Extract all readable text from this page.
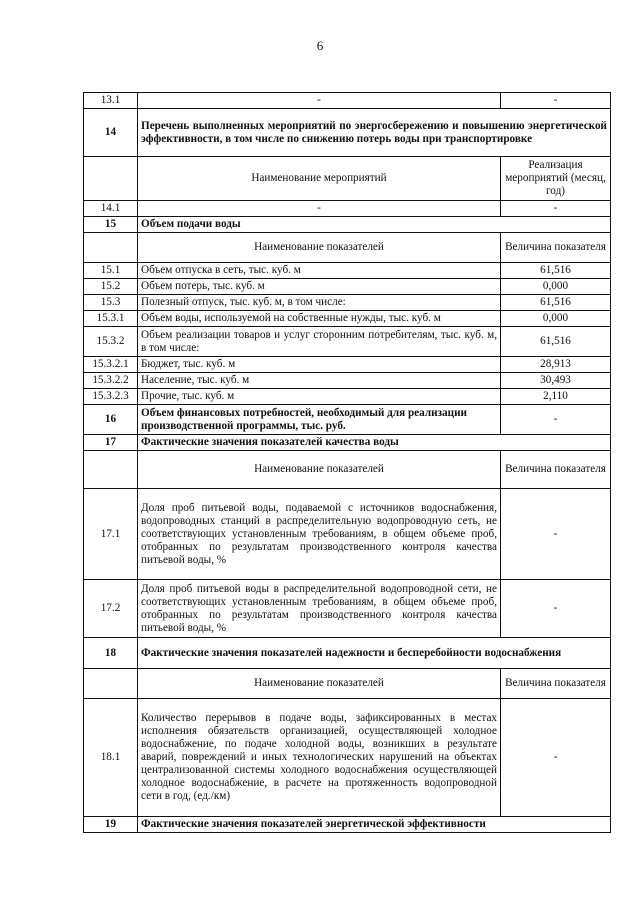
6
13.1	-	-
14	Перечень выполненных мероприятий по энергосбережению и повышению энергетической эффективности, в том числе по снижению потерь воды при транспортировке	
	Наименование мероприятий	Реализация мероприятий (месяц, год)
14.1	-	-
15	Объем подачи воды	
	Наименование показателей	Величина показателя
15.1	Объем отпуска в сеть, тыс. куб. м	61,516
15.2	Объем потерь, тыс. куб. м	0,000
15.3	Полезный отпуск, тыс. куб. м, в том числе:	61,516
15.3.1	Объем воды, используемой на собственные нужды, тыс. куб. м	0,000
15.3.2	Объем реализации товаров и услуг сторонним потребителям, тыс. куб. м, в том числе:	61,516
15.3.2.1	Бюджет, тыс. куб. м	28,913
15.3.2.2	Население, тыс. куб. м	30,493
15.3.2.3	Прочие, тыс. куб. м	2,110
16	Объем финансовых потребностей, необходимый для реализации производственной программы, тыс. руб.	-
17	Фактические значения показателей качества воды	
	Наименование показателей	Величина показателя
17.1	Доля проб питьевой воды, подаваемой с источников водоснабжения, водопроводных станций в распределительную водопроводную сеть, не соответствующих установленным требованиям, в общем объеме проб, отобранных по результатам производственного контроля качества питьевой воды, %	-
17.2	Доля проб питьевой воды в распределительной водопроводной сети, не соответствующих установленным требованиям, в общем объеме проб, отобранных по результатам производственного контроля качества питьевой воды, %	-
18	Фактические значения показателей надежности и бесперебойности водоснабжения	
	Наименование показателей	Величина показателя
18.1	Количество перерывов в подаче воды, зафиксированных в местах исполнения обязательств организацией, осуществляющей холодное водоснабжение, по подаче холодной воды, возникших в результате аварий, повреждений и иных технологических нарушений на объектах централизованной системы холодного водоснабжения осуществляющей холодное водоснабжение, в расчете на протяженность водопроводной сети в год, (ед./км)	-
19	Фактические значения показателей энергетической эффективности	
